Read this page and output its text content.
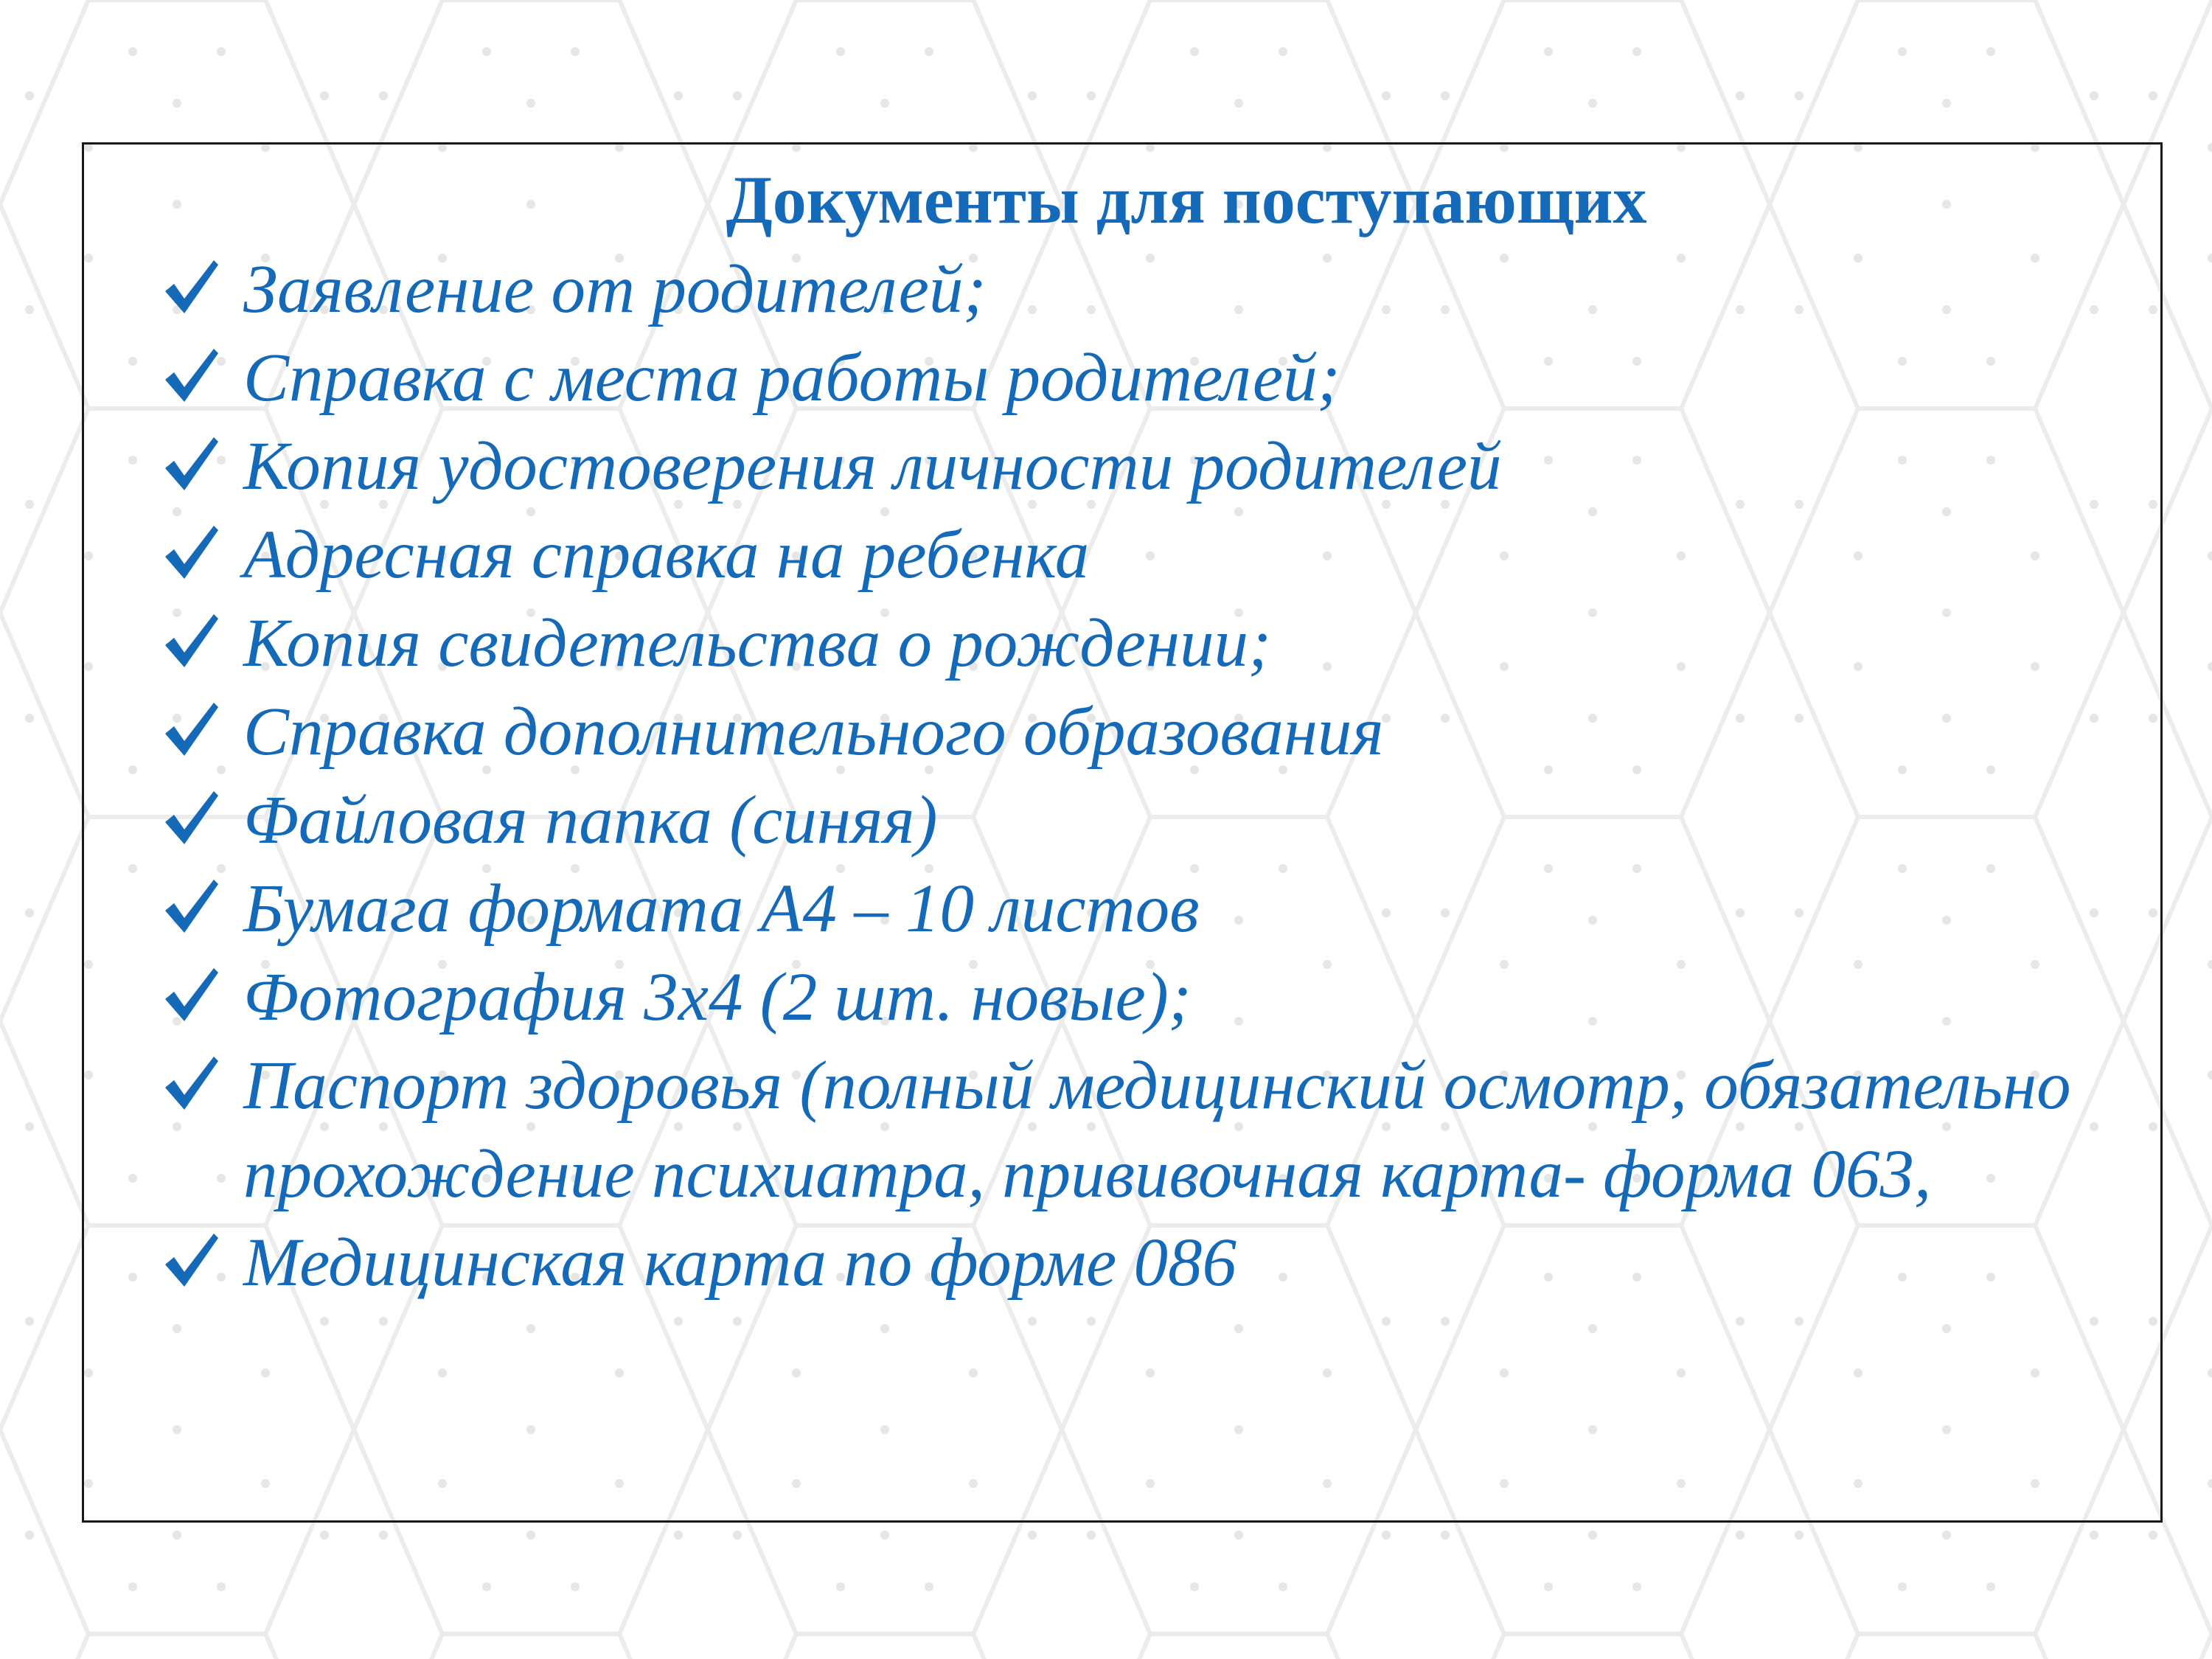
Документы для поступающих
Заявление от родителей;
Справка с места работы родителей;
Копия удостоверения личности родителей
Адресная справка на ребенка
Копия свидетельства о рождении;
Справка дополнительного образования
Файловая папка (синяя)
Бумага формата А4 – 10 листов
Фотография 3х4 (2 шт. новые);
Паспорт здоровья (полный медицинский осмотр, обязательно прохождение психиатра, прививочная карта- форма 063,
Медицинская карта по форме 086
